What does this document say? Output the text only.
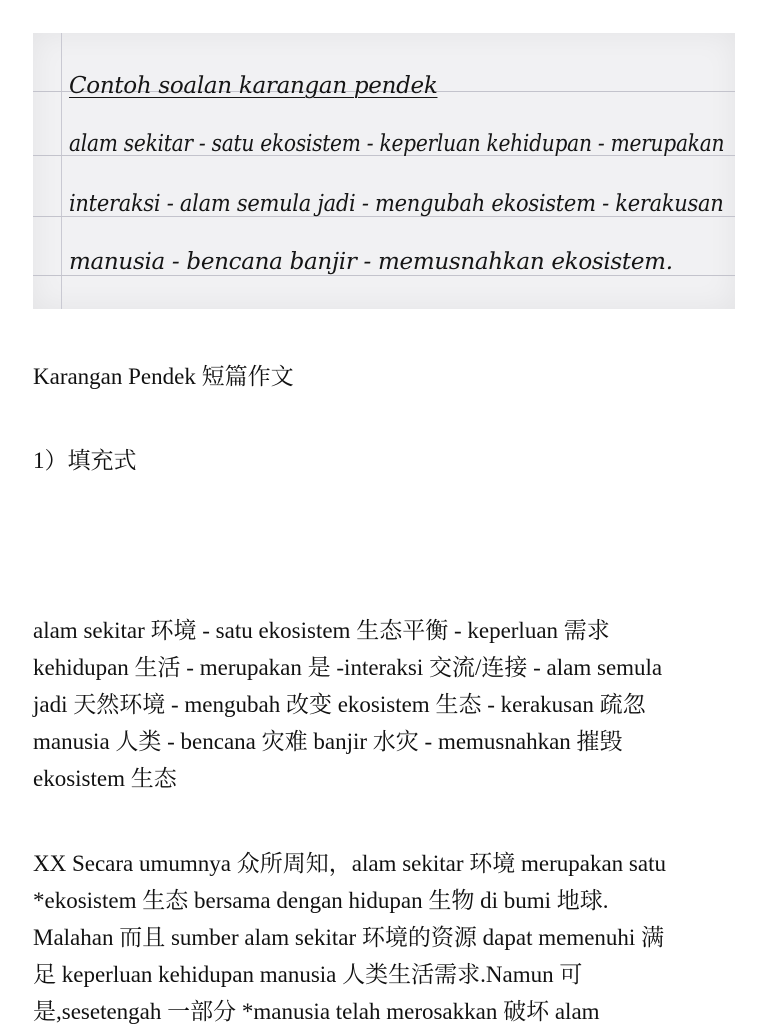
Contoh soalan karangan pendek
alam sekitar - satu ekosistem - keperluan kehidupan - merupakan
interaksi - alam semula jadi - mengubah ekosistem - kerakusan
manusia - bencana banjir - memusnahkan ekosistem.
Karangan Pendek 短篇作文
1）填充式

alam sekitar 环境 - satu ekosistem 生态平衡 - keperluan 需求

kehidupan 生活 - merupakan 是 -interaksi 交流/连接 - alam semula

jadi 天然环境 - mengubah 改变 ekosistem 生态 - kerakusan 疏忽

manusia 人类 - bencana 灾难 banjir 水灾 - memusnahkan 摧毁

ekosistem 生态

XX Secara umumnya 众所周知，alam sekitar 环境 merupakan satu

*ekosistem 生态 bersama dengan hidupan 生物 di bumi 地球.

Malahan 而且 sumber alam sekitar 环境的资源 dapat memenuhi 满

足 keperluan kehidupan manusia 人类生活需求.Namun 可

是,sesetengah 一部分 *manusia telah merosakkan 破坏 alam
